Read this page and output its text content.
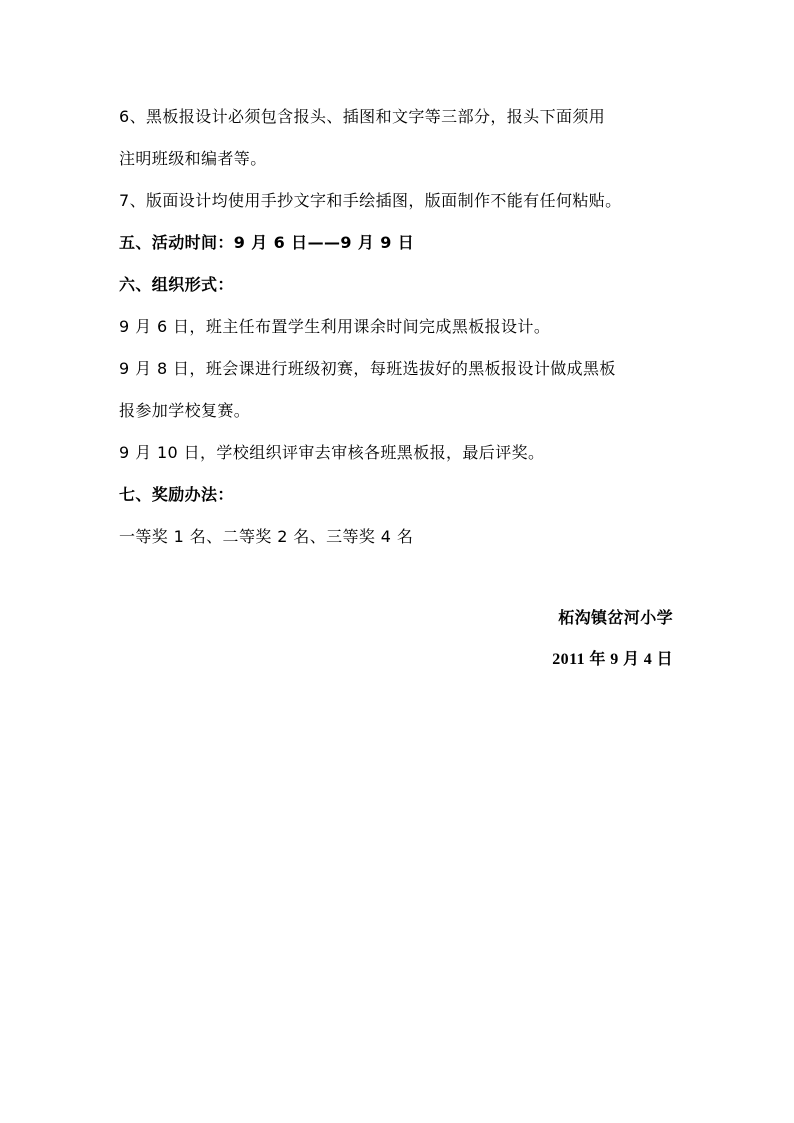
6、黑板报设计必须包含报头、插图和文字等三部分，报头下面须用
注明班级和编者等。
7、版面设计均使用手抄文字和手绘插图，版面制作不能有任何粘贴。
五、活动时间：9 月 6 日——9 月 9 日
六、组织形式：
9 月 6 日，班主任布置学生利用课余时间完成黑板报设计。
9 月 8 日，班会课进行班级初赛，每班选拔好的黑板报设计做成黑板
报参加学校复赛。
9 月 10 日，学校组织评审去审核各班黑板报，最后评奖。
七、奖励办法：
一等奖 1 名、二等奖 2 名、三等奖 4 名
柘沟镇岔河小学
2011 年 9 月 4 日
